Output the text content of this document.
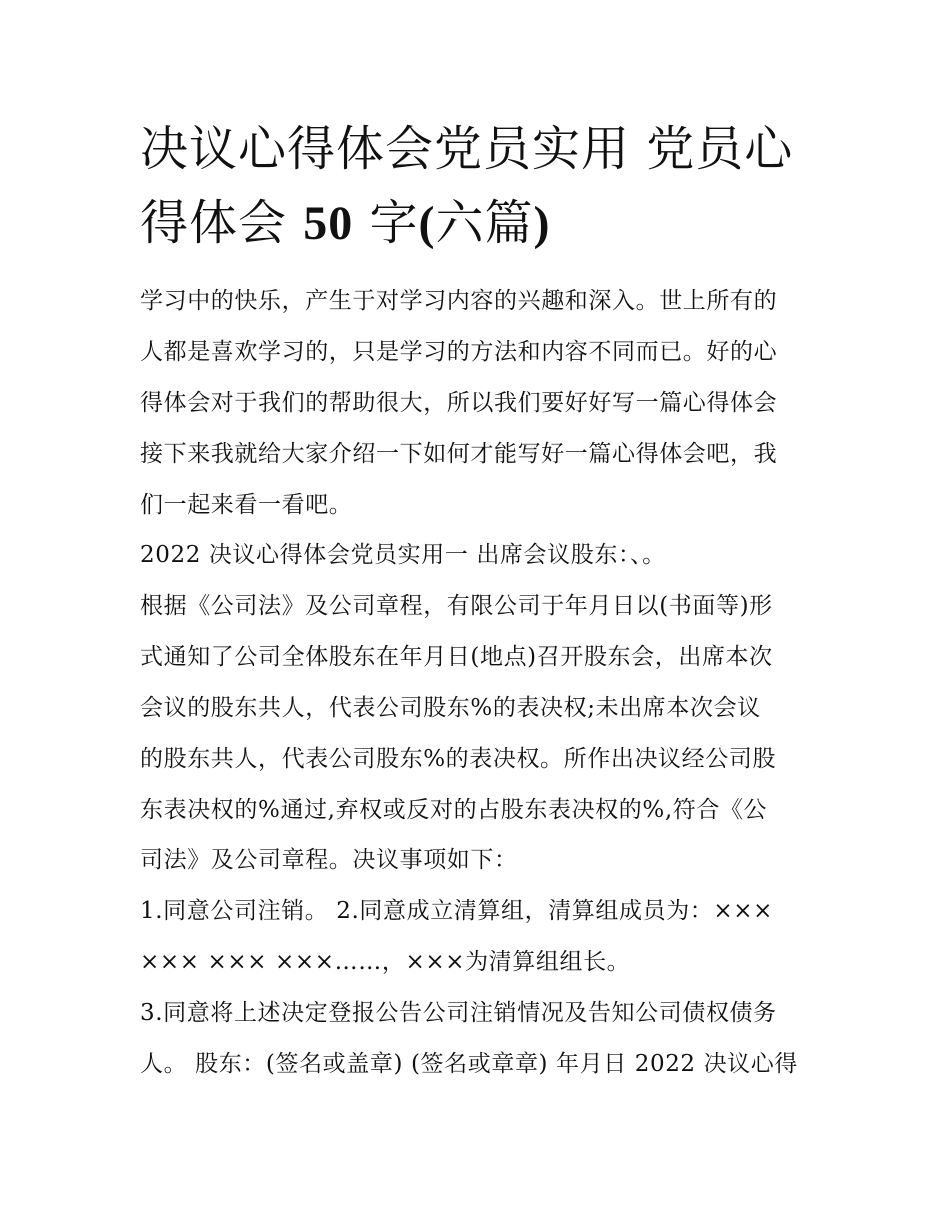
决议心得体会党员实用 党员心得体会 50 字(六篇)

学习中的快乐，产生于对学习内容的兴趣和深入。世上所有的

人都是喜欢学习的，只是学习的方法和内容不同而已。好的心

得体会对于我们的帮助很大，所以我们要好好写一篇心得体会

接下来我就给大家介绍一下如何才能写好一篇心得体会吧，我

们一起来看一看吧。

2022 决议心得体会党员实用一 出席会议股东：、。

根据《公司法》及公司章程，有限公司于年月日以(书面等)形

式通知了公司全体股东在年月日(地点)召开股东会，出席本次

会议的股东共人，代表公司股东%的表决权;未出席本次会议

的股东共人，代表公司股东%的表决权。所作出决议经公司股

东表决权的%通过,弃权或反对的占股东表决权的%,符合《公

司法》及公司章程。决议事项如下：

1.同意公司注销。 2.同意成立清算组，清算组成员为：×××

××× ××× ×××……，×××为清算组组长。

3.同意将上述决定登报公告公司注销情况及告知公司债权债务

人。 股东：(签名或盖章) (签名或章章) 年月日 2022 决议心得
